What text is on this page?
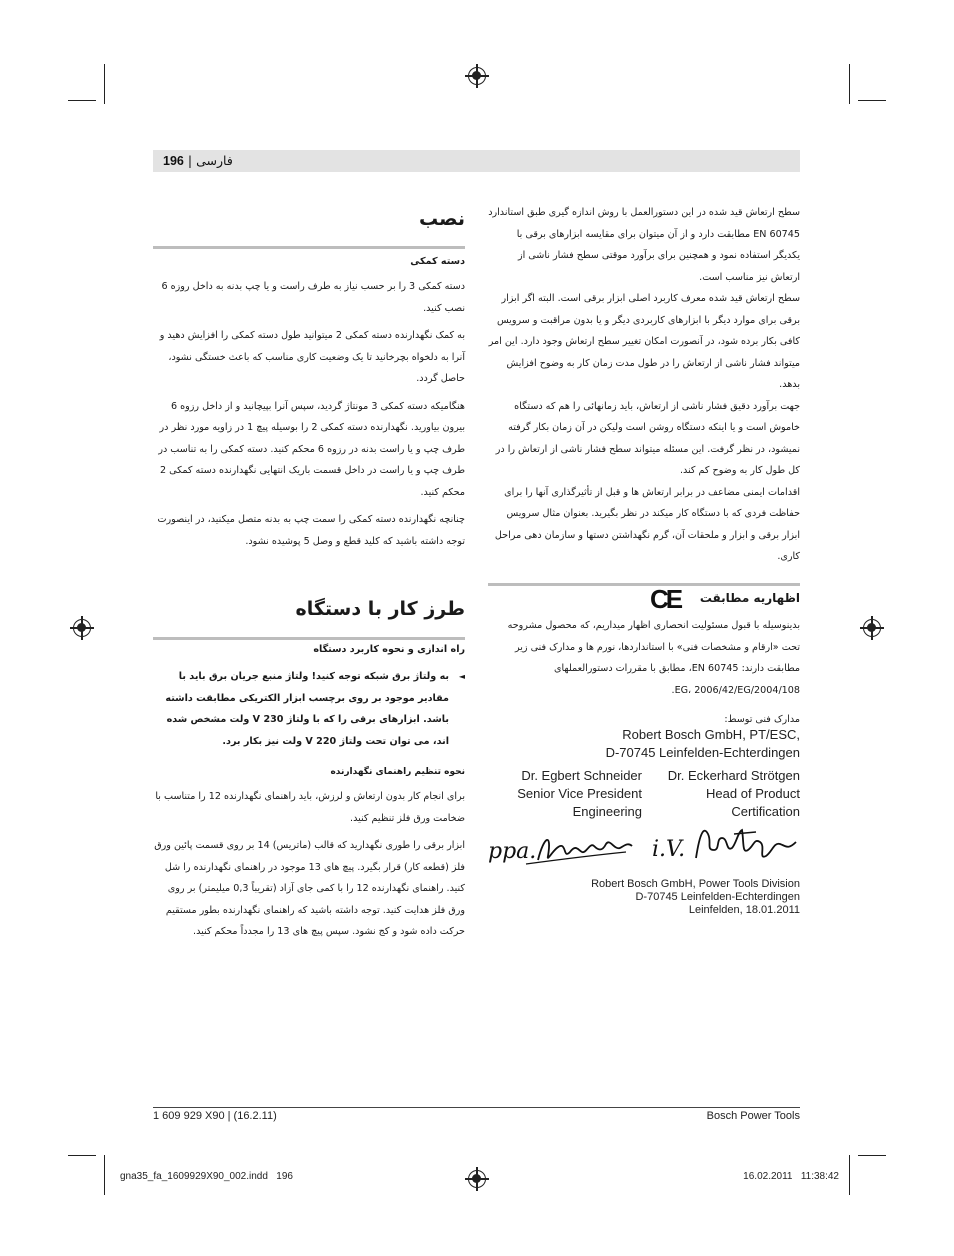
196 | فارسی

سطح ارتعاش قید شده در این دستورالعمل با روش اندازه گیری طبق استاندارد EN 60745 مطابقت دارد و از آن میتوان برای مقایسه ابزارهای برقی با یکدیگر استفاده نمود و همچنین برای برآورد موقتی سطح فشار ناشی از ارتعاش نیز مناسب است.

سطح ارتعاش قید شده معرف کاربرد اصلی ابزار برقی است. البته اگر ابزار برقی برای موارد دیگر با ابزارهای کاربردی دیگر و یا بدون مراقبت و سرویس کافی بکار برده شود، در آنصورت امکان تغییر سطح ارتعاش وجود دارد. این امر میتواند فشار ناشی از ارتعاش را در طول مدت زمان کار به وضوح افزایش بدهد.

جهت برآورد دقیق فشار ناشی از ارتعاش، باید زمانهائی را هم که دستگاه خاموش است و یا اینکه دستگاه روشن است ولیکن در آن زمان بکار گرفته نمیشود، در نظر گرفت. این مسئله میتواند سطح فشار ناشی از ارتعاش را در کل طول کار به وضوح کم کند.

اقدامات ایمنی مضاعف در برابر ارتعاش ها و قبل از تأثیرگذاری آنها را برای حفاظت فردی که با دستگاه کار میکند در نظر بگیرید. بعنوان مثال سرویس ابزار برقی و ابزار و ملحقات آن، گرم نگهداشتن دستها و سازمان دهی مراحل کاری.

اظهاریه مطابقت

CE

بدینوسیله با قبول مسئولیت انحصاری اظهار میداریم، که محصول مشروحه تحت «ارقام و مشخصات فنی» با استانداردها، نورم ها و مدارک فنی زیر مطابقت دارند: EN 60745، مطابق با مقررات دستورالعملهای 2004/108/EG، 2006/42/EG.

مدارک فنی توسط:

Robert Bosch GmbH, PT/ESC,
D-70745 Leinfelden-Echterdingen
Dr. Egbert Schneider
Senior Vice President
Engineering
Dr. Eckerhard Strötgen
Head of Product
Certification
ppa.	i.V.
Robert Bosch GmbH, Power Tools Division
D-70745 Leinfelden-Echterdingen
Leinfelden, 18.01.2011

نصب

دسته کمکی

دسته کمکی 3 را بر حسب نیاز به طرف راست و یا چپ بدنه به داخل روزه 6 نصب کنید.

به کمک نگهدارنده دسته کمکی 2 میتوانید طول دسته کمکی را افزایش دهید و آنرا به دلخواه بچرخانید تا یک وضعیت کاری مناسب که باعث خستگی نشود، حاصل گردد.

هنگامیکه دسته کمکی 3 مونتاژ گردید، سپس آنرا بپیچانید و از داخل رزوه 6 بیرون بیاورید. نگهدارنده دسته کمکی 2 را بوسیله پیچ 1 در زاویه مورد نظر در طرف چپ و یا راست بدنه در رزوه 6 محکم کنید. دسته کمکی را به تناسب در طرف چپ و یا راست در داخل قسمت باریک انتهایی نگهدارنده دسته کمکی 2 محکم کنید.

چنانچه نگهدارنده دسته کمکی را سمت چپ به بدنه متصل میکنید، در اینصورت توجه داشته باشید که کلید قطع و وصل 5 پوشیده نشود.

طرز کار با دستگاه

راه اندازی و نحوه کاربرد دستگاه

◄

به ولتاژ برق شبکه توجه کنید! ولتاژ منبع جریان برق باید با مقادیر موجود بر روی برچسب ابزار الکتریکی مطابقت داشته باشد. ابزارهای برقی را که با ولتاژ 230 V ولت مشخص شده اند، می توان تحت ولتاژ 220 V ولت نیز بکار برد.

نحوه تنظیم راهنمای نگهدارنده

برای انجام کار بدون ارتعاش و لرزش، باید راهنمای نگهدارنده 12 را متناسب با ضخامت ورق فلز تنظیم کنید.

ابزار برقی را طوری نگهدارید که قالب (ماتریس) 14 بر روی قسمت پائین ورق فلز (قطعه کار) قرار بگیرد. پیچ های 13 موجود در راهنمای نگهدارنده را شل کنید. راهنمای نگهدارنده 12 را با کمی جای آزاد (تقریباً 0,3 میلیمتر) بر روی ورق فلز هدایت کنید. توجه داشته باشید که راهنمای نگهدارنده بطور مستقیم حرکت داده شود و کج نشود. سپس پیچ های 13 را مجدداً محکم کنید.

1 609 929 X90 | (16.2.11)	Bosch Power Tools
gna35_fa_1609929X90_002.indd   196	16.02.2011   11:38:42
